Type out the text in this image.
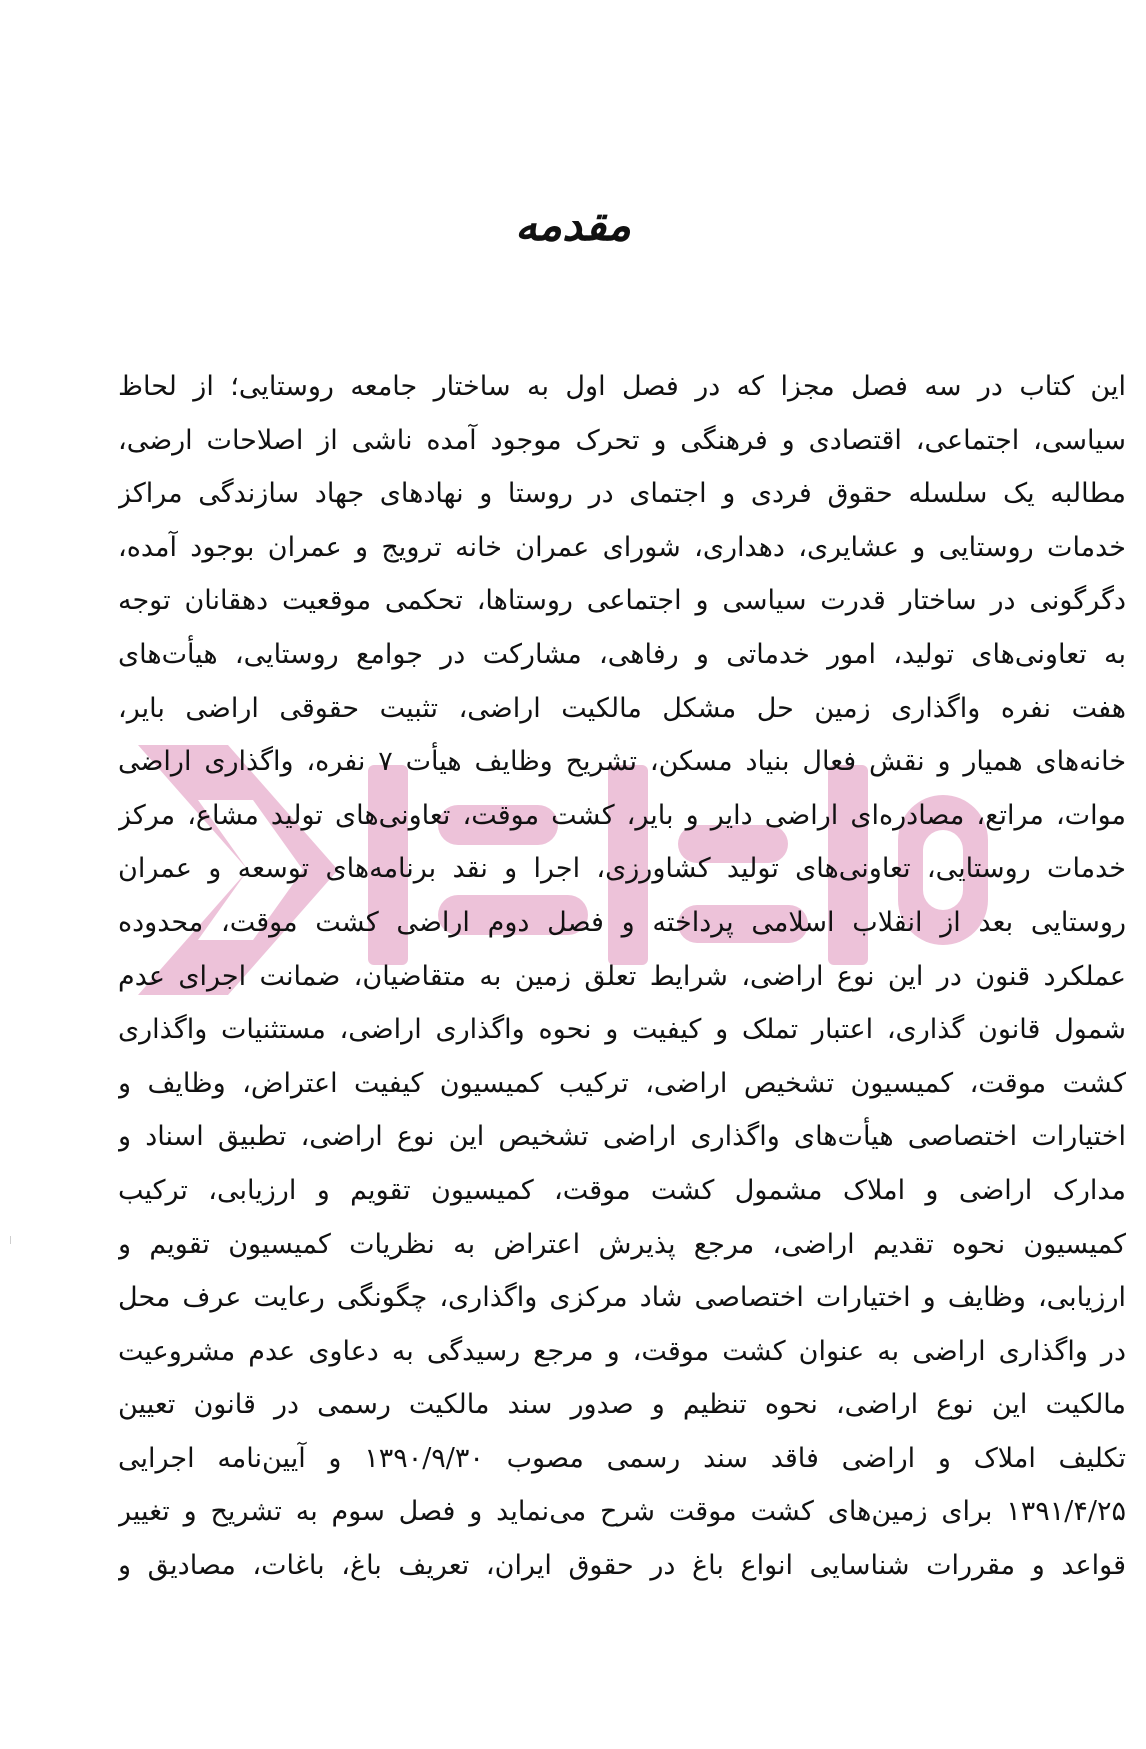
مقدمه
این کتاب در سه فصل مجزا که در فصل اول به ساختار جامعه روستایی؛ از لحاظ
سیاسی، اجتماعی، اقتصادی و فرهنگی و تحرک موجود آمده ناشی از اصلاحات ارضی،
مطالبه یک سلسله حقوق فردی و اجتمای در روستا و نهادهای جهاد سازندگی مراکز
خدمات روستایی و عشایری، دهداری، شورای عمران خانه ترویج و عمران بوجود آمده،
دگرگونی در ساختار قدرت سیاسی و اجتماعی روستاها، تحکمی موقعیت دهقانان توجه
به تعاونی‌های تولید، امور خدماتی و رفاهی، مشارکت در جوامع روستایی، هیأت‌های
هفت نفره واگذاری زمین حل مشکل مالکیت اراضی، تثبیت حقوقی اراضی بایر،
خانه‌های همیار و نقش فعال بنیاد مسکن، تشریح وظایف هیأت ۷ نفره، واگذاری اراضی
موات، مراتع، مصادره‌ای اراضی دایر و بایر، کشت موقت، تعاونی‌های تولید مشاع، مرکز
خدمات روستایی، تعاونی‌های تولید کشاورزی، اجرا و نقد برنامه‌های توسعه و عمران
روستایی بعد از انقلاب اسلامی پرداخته و فصل دوم اراضی کشت موقت، محدوده
عملکرد قنون در این نوع اراضی، شرایط تعلق زمین به متقاضیان، ضمانت اجرای عدم
شمول قانون گذاری، اعتبار تملک و کیفیت و نحوه واگذاری اراضی، مستثنیات واگذاری
کشت موقت، کمیسیون تشخیص اراضی، ترکیب کمیسیون کیفیت اعتراض، وظایف و
اختیارات اختصاصی هیأت‌های واگذاری اراضی تشخیص این نوع اراضی، تطبیق اسناد و
مدارک اراضی و املاک مشمول کشت موقت، کمیسیون تقویم و ارزیابی، ترکیب
کمیسیون نحوه تقدیم اراضی، مرجع پذیرش اعتراض به نظریات کمیسیون تقویم و
ارزیابی، وظایف و اختیارات اختصاصی شاد مرکزی واگذاری، چگونگی رعایت عرف محل
در واگذاری اراضی به عنوان کشت موقت، و مرجع رسیدگی به دعاوی عدم مشروعیت
مالکیت این نوع اراضی، نحوه تنظیم و صدور سند مالکیت رسمی در قانون تعیین
تکلیف املاک و اراضی فاقد سند رسمی مصوب ۱۳۹۰/۹/۳۰ و آیین‌نامه اجرایی
۱۳۹۱/۴/۲۵ برای زمین‌های کشت موقت شرح می‌نماید و فصل سوم به تشریح و تغییر
قواعد و مقررات شناسایی انواع باغ در حقوق ایران، تعریف باغ، باغات، مصادیق و
